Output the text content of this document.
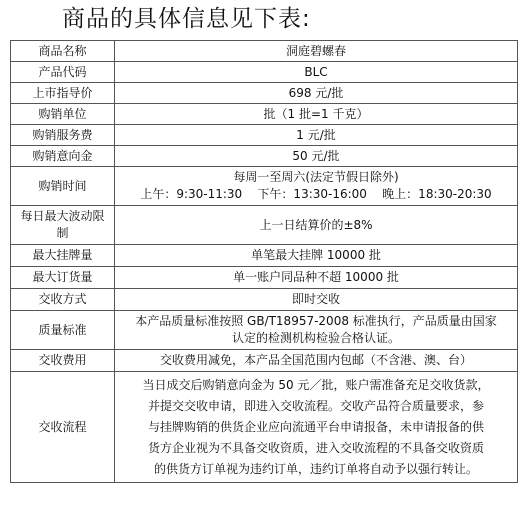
商品的具体信息见下表:
商品名称	洞庭碧螺春
产品代码	BLC
上市指导价	698 元/批
购销单位	批（1 批=1 千克）
购销服务费	1 元/批
购销意向金	50 元/批
购销时间	每周一至周六(法定节假日除外)
上午：9:30-11:30    下午：13:30-16:00    晚上：18:30-20:30

每日最大波动限
制	上一日结算价的±8%
最大挂牌量	单笔最大挂牌 10000 批
最大订货量	单一账户同品种不超 10000 批
交收方式	即时交收
质量标准	本产品质量标准按照 GB/T18957-2008 标准执行，产品质量由国家
认定的检测机构检验合格认证。

交收费用	交收费用减免，本产品全国范围内包邮（不含港、澳、台）
交收流程	当日成交后购销意向金为 50 元／批，账户需准备充足交收货款，
并提交交收申请，即进入交收流程。交收产品符合质量要求，参
与挂牌购销的供货企业应向流通平台申请报备，未申请报备的供
货方企业视为不具备交收资质，进入交收流程的不具备交收资质
的供货方订单视为违约订单，违约订单将自动予以强行转让。
